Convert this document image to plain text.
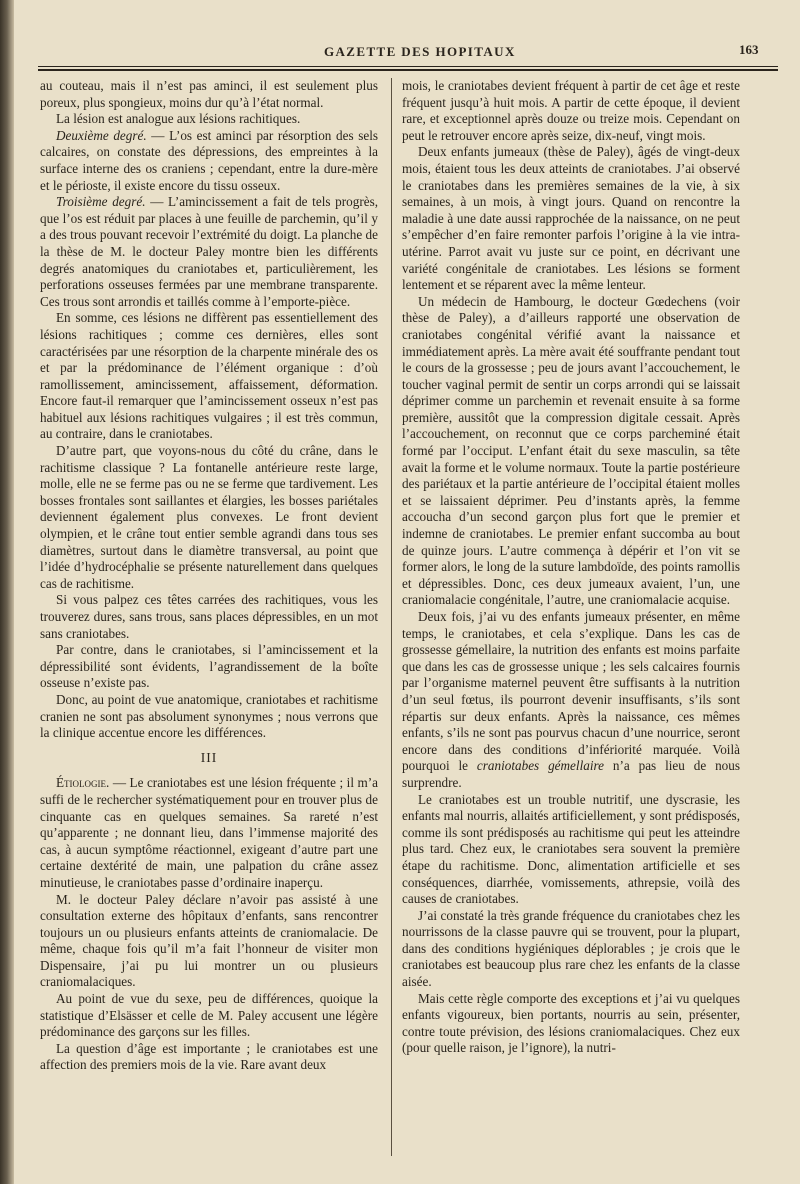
GAZETTE DES HOPITAUX	163

au couteau, mais il n’est pas aminci, il est seulement plus poreux, plus spongieux, moins dur qu’à l’état normal.

La lésion est analogue aux lésions rachitiques.

Deuxième degré. — L’os est aminci par résorption des sels calcaires, on constate des dépressions, des empreintes à la surface interne des os craniens ; cependant, entre la dure-mère et le périoste, il existe encore du tissu osseux.

Troisième degré. — L’amincissement a fait de tels progrès, que l’os est réduit par places à une feuille de parchemin, qu’il y a des trous pouvant recevoir l’extrémité du doigt. La planche de la thèse de M. le docteur Paley montre bien les différents degrés anatomiques du craniotabes et, particulièrement, les perforations osseuses fermées par une membrane transparente. Ces trous sont arrondis et taillés comme à l’emporte-pièce.

En somme, ces lésions ne diffèrent pas essentiellement des lésions rachitiques ; comme ces dernières, elles sont caractérisées par une résorption de la charpente minérale des os et par la prédominance de l’élément organique : d’où ramollissement, amincissement, affaissement, déformation. Encore faut-il remarquer que l’amincissement osseux n’est pas habituel aux lésions rachitiques vulgaires ; il est très commun, au contraire, dans le craniotabes.

D’autre part, que voyons-nous du côté du crâne, dans le rachitisme classique ? La fontanelle antérieure reste large, molle, elle ne se ferme pas ou ne se ferme que tardivement. Les bosses frontales sont saillantes et élargies, les bosses pariétales deviennent également plus convexes. Le front devient olympien, et le crâne tout entier semble agrandi dans tous ses diamètres, surtout dans le diamètre transversal, au point que l’idée d’hydrocéphalie se présente naturellement dans quelques cas de rachitisme.

Si vous palpez ces têtes carrées des rachitiques, vous les trouverez dures, sans trous, sans places dépressibles, en un mot sans craniotabes.

Par contre, dans le craniotabes, si l’amincissement et la dépressibilité sont évidents, l’agrandissement de la boîte osseuse n’existe pas.

Donc, au point de vue anatomique, craniotabes et rachitisme cranien ne sont pas absolument synonymes ; nous verrons que la clinique accentue encore les différences.

III

Étiologie. — Le craniotabes est une lésion fréquente ; il m’a suffi de le rechercher systématiquement pour en trouver plus de cinquante cas en quelques semaines. Sa rareté n’est qu’apparente ; ne donnant lieu, dans l’immense majorité des cas, à aucun symptôme réactionnel, exigeant d’autre part une certaine dextérité de main, une palpation du crâne assez minutieuse, le craniotabes passe d’ordinaire inaperçu.

M. le docteur Paley déclare n’avoir pas assisté à une consultation externe des hôpitaux d’enfants, sans rencontrer toujours un ou plusieurs enfants atteints de craniomalacie. De même, chaque fois qu’il m’a fait l’honneur de visiter mon Dispensaire, j’ai pu lui montrer un ou plusieurs craniomalaciques.

Au point de vue du sexe, peu de différences, quoique la statistique d’Elsässer et celle de M. Paley accusent une légère prédominance des garçons sur les filles.

La question d’âge est importante ; le craniotabes est une affection des premiers mois de la vie. Rare avant deux

mois, le craniotabes devient fréquent à partir de cet âge et reste fréquent jusqu’à huit mois. A partir de cette époque, il devient rare, et exceptionnel après douze ou treize mois. Cependant on peut le retrouver encore après seize, dix-neuf, vingt mois.

Deux enfants jumeaux (thèse de Paley), âgés de vingt-deux mois, étaient tous les deux atteints de craniotabes. J’ai observé le craniotabes dans les premières semaines de la vie, à six semaines, à un mois, à vingt jours. Quand on rencontre la maladie à une date aussi rapprochée de la naissance, on ne peut s’empêcher d’en faire remonter parfois l’origine à la vie intra-utérine. Parrot avait vu juste sur ce point, en décrivant une variété congénitale de craniotabes. Les lésions se forment lentement et se réparent avec la même lenteur.

Un médecin de Hambourg, le docteur Gœdechens (voir thèse de Paley), a d’ailleurs rapporté une observation de craniotabes congénital vérifié avant la naissance et immédiatement après. La mère avait été souffrante pendant tout le cours de la grossesse ; peu de jours avant l’accouchement, le toucher vaginal permit de sentir un corps arrondi qui se laissait déprimer comme un parchemin et revenait ensuite à sa forme première, aussitôt que la compression digitale cessait. Après l’accouchement, on reconnut que ce corps parcheminé était formé par l’occiput. L’enfant était du sexe masculin, sa tête avait la forme et le volume normaux. Toute la partie postérieure des pariétaux et la partie antérieure de l’occipital étaient molles et se laissaient déprimer. Peu d’instants après, la femme accoucha d’un second garçon plus fort que le premier et indemne de craniotabes. Le premier enfant succomba au bout de quinze jours. L’autre commença à dépérir et l’on vit se former alors, le long de la suture lambdoïde, des points ramollis et dépressibles. Donc, ces deux jumeaux avaient, l’un, une craniomalacie congénitale, l’autre, une craniomalacie acquise.

Deux fois, j’ai vu des enfants jumeaux présenter, en même temps, le craniotabes, et cela s’explique. Dans les cas de grossesse gémellaire, la nutrition des enfants est moins parfaite que dans les cas de grossesse unique ; les sels calcaires fournis par l’organisme maternel peuvent être suffisants à la nutrition d’un seul fœtus, ils pourront devenir insuffisants, s’ils sont répartis sur deux enfants. Après la naissance, ces mêmes enfants, s’ils ne sont pas pourvus chacun d’une nourrice, seront encore dans des conditions d’infériorité marquée. Voilà pourquoi le craniotabes gémellaire n’a pas lieu de nous surprendre.

Le craniotabes est un trouble nutritif, une dyscrasie, les enfants mal nourris, allaités artificiellement, y sont prédisposés, comme ils sont prédisposés au rachitisme qui peut les atteindre plus tard. Chez eux, le craniotabes sera souvent la première étape du rachitisme. Donc, alimentation artificielle et ses conséquences, diarrhée, vomissements, athrepsie, voilà des causes de craniotabes.

J’ai constaté la très grande fréquence du craniotabes chez les nourrissons de la classe pauvre qui se trouvent, pour la plupart, dans des conditions hygiéniques déplorables ; je crois que le craniotabes est beaucoup plus rare chez les enfants de la classe aisée.

Mais cette règle comporte des exceptions et j’ai vu quelques enfants vigoureux, bien portants, nourris au sein, présenter, contre toute prévision, des lésions craniomalaciques. Chez eux (pour quelle raison, je l’ignore), la nutri-
